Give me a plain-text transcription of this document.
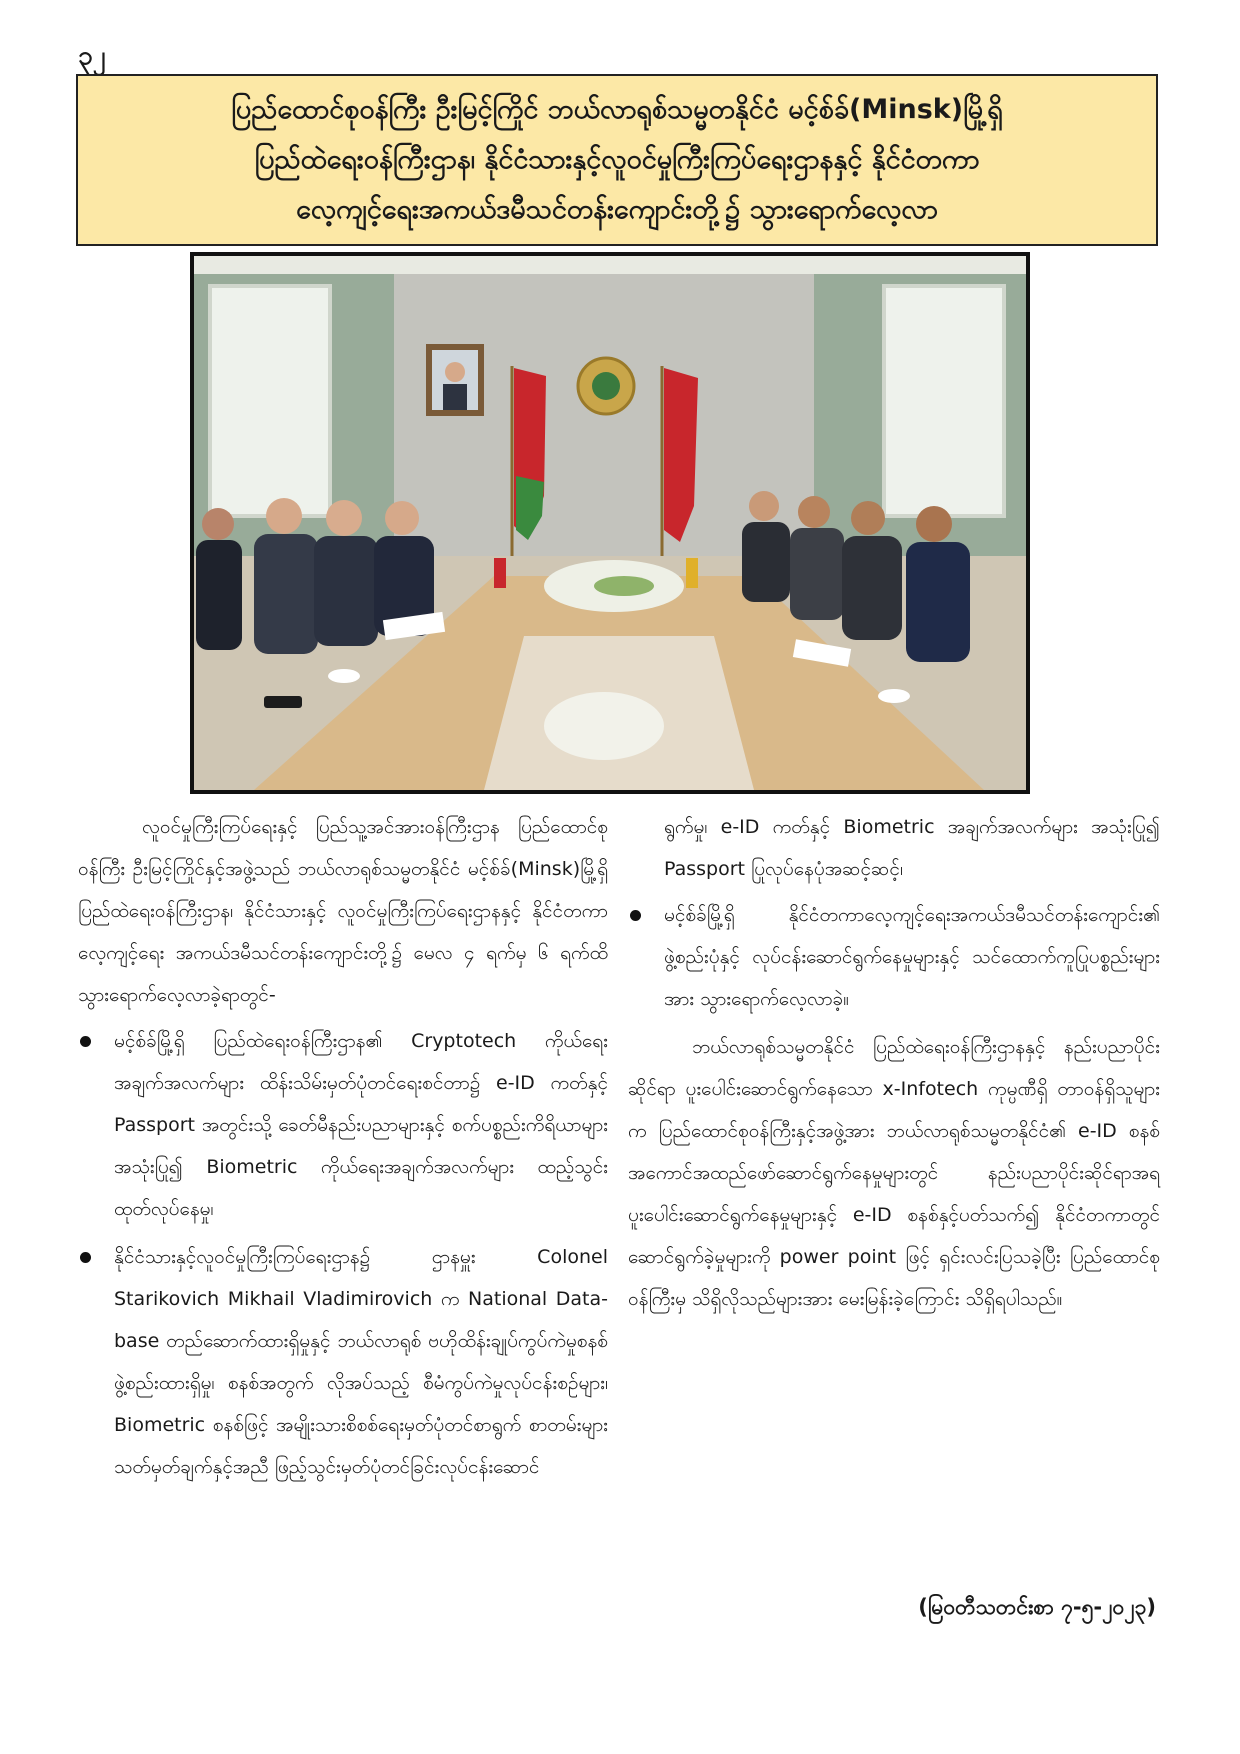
၃၂
ပြည်ထောင်စုဝန်ကြီး ဦးမြင့်ကြိုင် ဘယ်လာရုစ်သမ္မတနိုင်ငံ မင့်စ်ခ်(Minsk)မြို့ရှိ
ပြည်ထဲရေးဝန်ကြီးဌာန၊ နိုင်ငံသားနှင့်လူဝင်မှုကြီးကြပ်ရေးဌာနနှင့် နိုင်ငံတကာ
လေ့ကျင့်ရေးအကယ်ဒမီသင်တန်းကျောင်းတို့၌ သွားရောက်လေ့လာ

လူဝင်မှုကြီးကြပ်ရေးနှင့် ပြည်သူ့အင်အားဝန်ကြီးဌာန ပြည်ထောင်စုဝန်ကြီး ဦးမြင့်ကြိုင်နှင့်အဖွဲ့သည် ဘယ်လာရုစ်သမ္မတနိုင်ငံ မင့်စ်ခ်(Minsk)မြို့ရှိ ပြည်ထဲရေးဝန်ကြီးဌာန၊ နိုင်ငံသားနှင့် လူဝင်မှုကြီးကြပ်ရေးဌာနနှင့် နိုင်ငံတကာလေ့ကျင့်ရေး အကယ်ဒမီသင်တန်းကျောင်းတို့၌ မေလ ၄ ရက်မှ ၆ ရက်ထိ သွားရောက်လေ့လာခဲ့ရာတွင်-

မင့်စ်ခ်မြို့ရှိ ပြည်ထဲရေးဝန်ကြီးဌာန၏ Cryptotech ကိုယ်ရေးအချက်အလက်များ ထိန်းသိမ်းမှတ်ပုံတင်ရေးစင်တာ၌ e-ID ကတ်နှင့် Passport အတွင်းသို့ ခေတ်မီနည်းပညာများနှင့် စက်ပစ္စည်းကိရိယာများအသုံးပြု၍ Biometric ကိုယ်ရေးအချက်အလက်များ ထည့်သွင်းထုတ်လုပ်နေမှု၊
နိုင်ငံသားနှင့်လူဝင်မှုကြီးကြပ်ရေးဌာန၌ ဌာနမှူး Colonel Starikovich Mikhail Vladimirovich က National Data-base တည်ဆောက်ထားရှိမှုနှင့် ဘယ်လာရုစ် ဗဟိုထိန်းချုပ်ကွပ်ကဲမှုစနစ်ဖွဲ့စည်းထားရှိမှု၊ စနစ်အတွက် လိုအပ်သည့် စီမံကွပ်ကဲမှုလုပ်ငန်းစဉ်များ၊ Biometric စနစ်ဖြင့် အမျိုးသားစိစစ်ရေးမှတ်ပုံတင်စာရွက် စာတမ်းများ သတ်မှတ်ချက်နှင့်အညီ ဖြည့်သွင်းမှတ်ပုံတင်ခြင်းလုပ်ငန်းဆောင်

ရွက်မှု၊ e-ID ကတ်နှင့် Biometric အချက်အလက်များ အသုံးပြု၍ Passport ပြုလုပ်နေပုံအဆင့်ဆင့်၊

မင့်စ်ခ်မြို့ရှိ နိုင်ငံတကာလေ့ကျင့်ရေးအကယ်ဒမီသင်တန်းကျောင်း၏ ဖွဲ့စည်းပုံနှင့် လုပ်ငန်းဆောင်ရွက်နေမှုများနှင့် သင်ထောက်ကူပြုပစ္စည်းများအား သွားရောက်လေ့လာခဲ့။

ဘယ်လာရုစ်သမ္မတနိုင်ငံ ပြည်ထဲရေးဝန်ကြီးဌာနနှင့် နည်းပညာပိုင်းဆိုင်ရာ ပူးပေါင်းဆောင်ရွက်နေသော x-Infotech ကုမ္ပဏီရှိ တာဝန်ရှိသူများက ပြည်ထောင်စုဝန်ကြီးနှင့်အဖွဲ့အား ဘယ်လာရုစ်သမ္မတနိုင်ငံ၏ e-ID စနစ် အကောင်အထည်ဖော်ဆောင်ရွက်နေမှုများတွင် နည်းပညာပိုင်းဆိုင်ရာအရ ပူးပေါင်းဆောင်ရွက်နေမှုများနှင့် e-ID စနစ်နှင့်ပတ်သက်၍ နိုင်ငံတကာတွင် ဆောင်ရွက်ခဲ့မှုများကို power point ဖြင့် ရှင်းလင်းပြသခဲ့ပြီး ပြည်ထောင်စုဝန်ကြီးမှ သိရှိလိုသည်များအား မေးမြန်းခဲ့ကြောင်း သိရှိရပါသည်။

(မြဝတီသတင်းစာ ၇-၅-၂၀၂၃)
